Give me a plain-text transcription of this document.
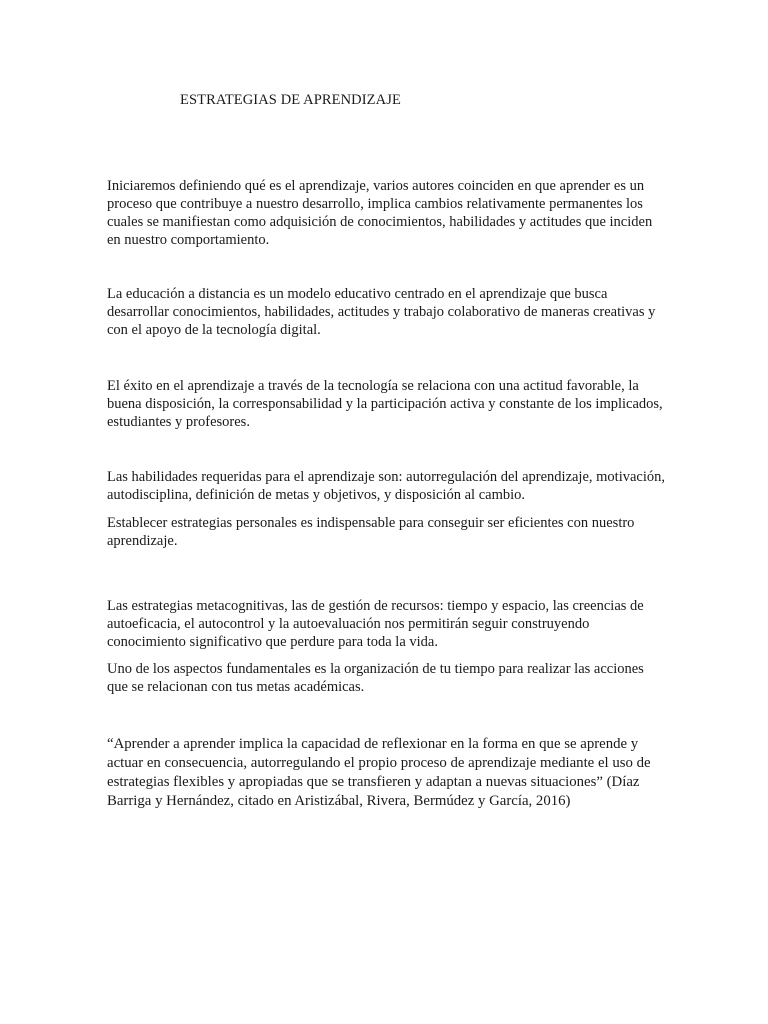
ESTRATEGIAS DE APRENDIZAJE

Iniciaremos definiendo qué es el aprendizaje, varios autores coinciden en que aprender es un proceso que contribuye a nuestro desarrollo, implica cambios relativamente permanentes los cuales se manifiestan como adquisición de conocimientos, habilidades y actitudes que inciden en nuestro comportamiento.

La educación a distancia es un modelo educativo centrado en el aprendizaje que busca desarrollar conocimientos, habilidades, actitudes y trabajo colaborativo de maneras creativas y con el apoyo de la tecnología digital.

El éxito en el aprendizaje a través de la tecnología se relaciona con una actitud favorable, la buena disposición, la corresponsabilidad y la participación activa y constante de los implicados, estudiantes y profesores.

Las habilidades requeridas para el aprendizaje son: autorregulación del aprendizaje, motivación, autodisciplina, definición de metas y objetivos, y disposición al cambio.

Establecer estrategias personales es indispensable para conseguir ser eficientes con nuestro aprendizaje.

Las estrategias metacognitivas, las de gestión de recursos: tiempo y espacio, las creencias de autoeficacia, el autocontrol y la autoevaluación nos permitirán seguir construyendo conocimiento significativo que perdure para toda la vida.

Uno de los aspectos fundamentales es la organización de tu tiempo para realizar las acciones que se relacionan con tus metas académicas.

“Aprender a aprender implica la capacidad de reflexionar en la forma en que se aprende y actuar en consecuencia, autorregulando el propio proceso de aprendizaje mediante el uso de estrategias flexibles y apropiadas que se transfieren y adaptan a nuevas situaciones” (Díaz Barriga y Hernández, citado en Aristizábal, Rivera, Bermúdez y García, 2016)
